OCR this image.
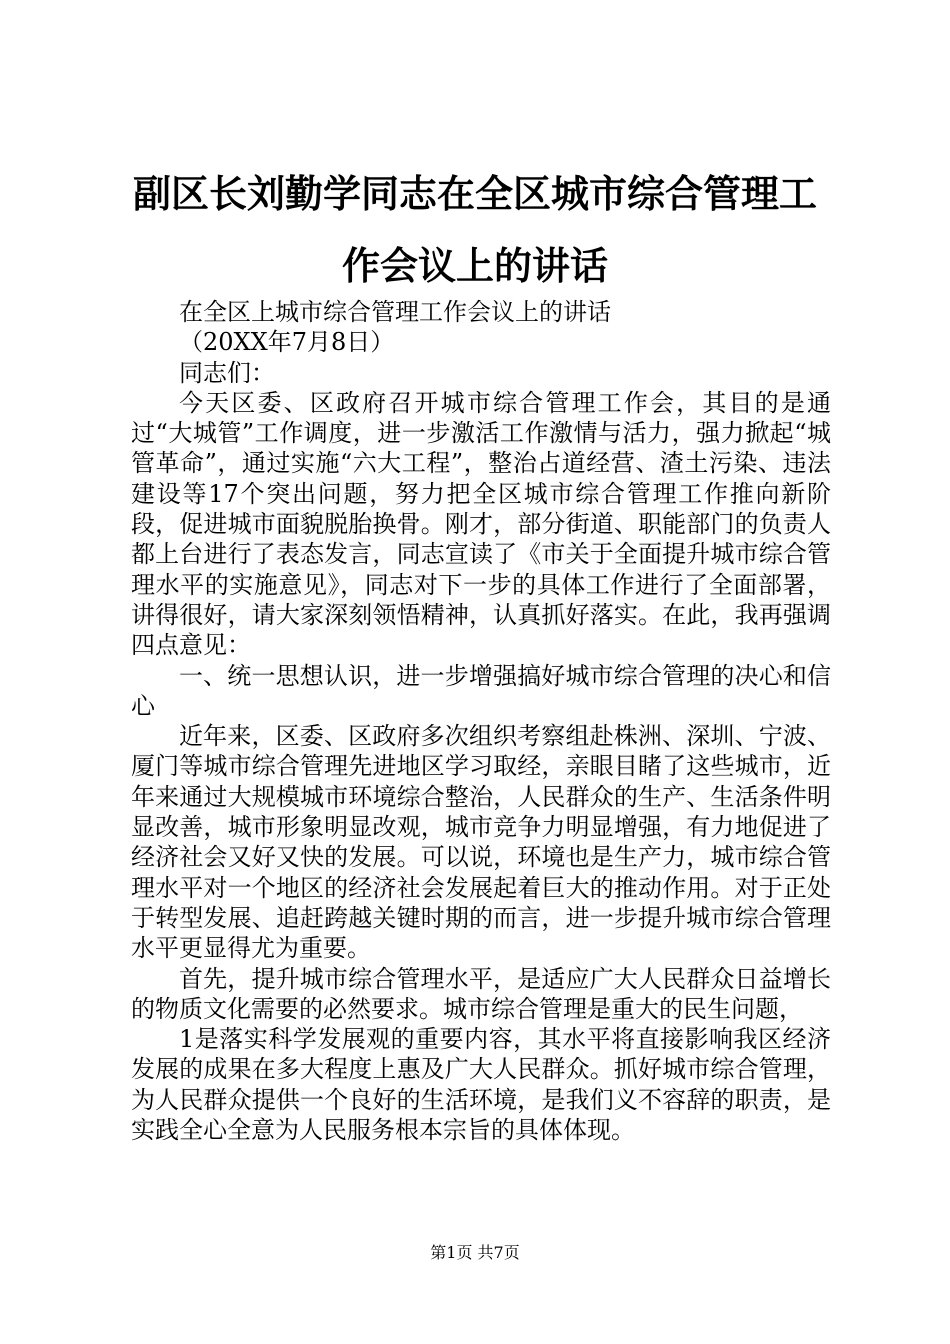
副区长刘勤学同志在全区城市综合管理工作会议上的讲话

在全区上城市综合管理工作会议上的讲话

（20XX年7月8日）

同志们：

今天区委、区政府召开城市综合管理工作会，其目的是通过“大城管”工作调度，进一步激活工作激情与活力，强力掀起“城管革命”，通过实施“六大工程”，整治占道经营、渣土污染、违法建设等17个突出问题，努力把全区城市综合管理工作推向新阶段，促进城市面貌脱胎换骨。刚才，部分街道、职能部门的负责人都上台进行了表态发言，同志宣读了《市关于全面提升城市综合管理水平的实施意见》，同志对下一步的具体工作进行了全面部署，讲得很好，请大家深刻领悟精神，认真抓好落实。在此，我再强调四点意见：

一、统一思想认识，进一步增强搞好城市综合管理的决心和信心

近年来，区委、区政府多次组织考察组赴株洲、深圳、宁波、厦门等城市综合管理先进地区学习取经，亲眼目睹了这些城市，近年来通过大规模城市环境综合整治，人民群众的生产、生活条件明显改善，城市形象明显改观，城市竞争力明显增强，有力地促进了经济社会又好又快的发展。可以说，环境也是生产力，城市综合管理水平对一个地区的经济社会发展起着巨大的推动作用。对于正处于转型发展、追赶跨越关键时期的而言，进一步提升城市综合管理水平更显得尤为重要。

首先，提升城市综合管理水平，是适应广大人民群众日益增长的物质文化需要的必然要求。城市综合管理是重大的民生问题，

1是落实科学发展观的重要内容，其水平将直接影响我区经济发展的成果在多大程度上惠及广大人民群众。抓好城市综合管理，为人民群众提供一个良好的生活环境，是我们义不容辞的职责，是实践全心全意为人民服务根本宗旨的具体体现。

第1页 共7页
